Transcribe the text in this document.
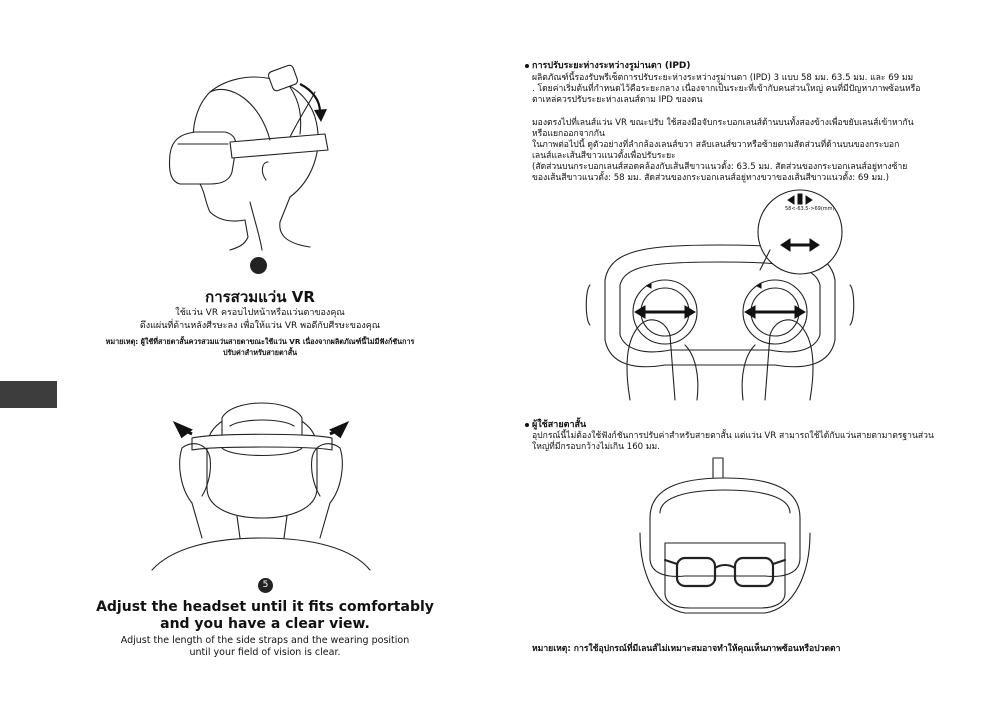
การสวมแว่น VR
ใช้แว่น VR ครอบไปหน้าหรือแว่นตาของคุณ
ดึงแผ่นที่ด้านหลังศีรษะลง เพื่อให้แว่น VR พอดีกับศีรษะของคุณ
หมายเหตุ: ผู้ใช้ที่สายตาสั้นควรสวมแว่นสายตาขณะใช้แว่น VR เนื่องจากผลิตภัณฑ์นี้ไม่มีฟังก์ชันการ
ปรับค่าสำหรับสายตาสั้น
5
Adjust the headset until it fits comfortably
and you have a clear view.
Adjust the length of the side straps and the wearing position
until your field of vision is clear.
การปรับระยะห่างระหว่างรูม่านตา (IPD)
ผลิตภัณฑ์นี้รองรับพรีเซ็ตการปรับระยะห่างระหว่างรูม่านตา (IPD) 3 แบบ 58 มม. 63.5 มม. และ 69 มม
. โดยค่าเริ่มต้นที่กำหนดไว้คือระยะกลาง เนื่องจากเป็นระยะที่เข้ากับคนส่วนใหญ่ คนที่มีปัญหาภาพซ้อนหรือ
ตาเหล่ควรปรับระยะห่างเลนส์ตาม IPD ของตน
มองตรงไปที่เลนส์แว่น VR ขณะปรับ ใช้สองมือจับกระบอกเลนส์ด้านบนทั้งสองข้างเพื่อขยับเลนส์เข้าหากัน
หรือแยกออกจากกัน
ในภาพต่อไปนี้ ดูตัวอย่างที่ลำกล้องเลนส์ขวา สลับเลนส์ขวาหรือซ้ายตามสัดส่วนที่ด้านบนของกระบอก
เลนส์และเส้นสีขาวแนวตั้งเพื่อปรับระยะ
(สัดส่วนบนกระบอกเลนส์สอดคล้องกับเส้นสีขาวแนวตั้ง: 63.5 มม. สัดส่วนของกระบอกเลนส์อยู่ทางซ้าย
ของเส้นสีขาวแนวตั้ง: 58 มม. สัดส่วนของกระบอกเลนส์อยู่ทางขวาของเส้นสีขาวแนวตั้ง: 69 มม.)
58<-63.5->69(mm)
ผู้ใช้สายตาสั้น
อุปกรณ์นี้ไม่ต้องใช้ฟังก์ชันการปรับค่าสำหรับสายตาสั้น แต่แว่น VR สามารถใช้ได้กับแว่นสายตามาตรฐานส่วน
ใหญ่ที่มีกรอบกว้างไม่เกิน 160 มม.
หมายเหตุ: การใช้อุปกรณ์ที่มีเลนส์ไม่เหมาะสมอาจทำให้คุณเห็นภาพซ้อนหรือปวดตา
